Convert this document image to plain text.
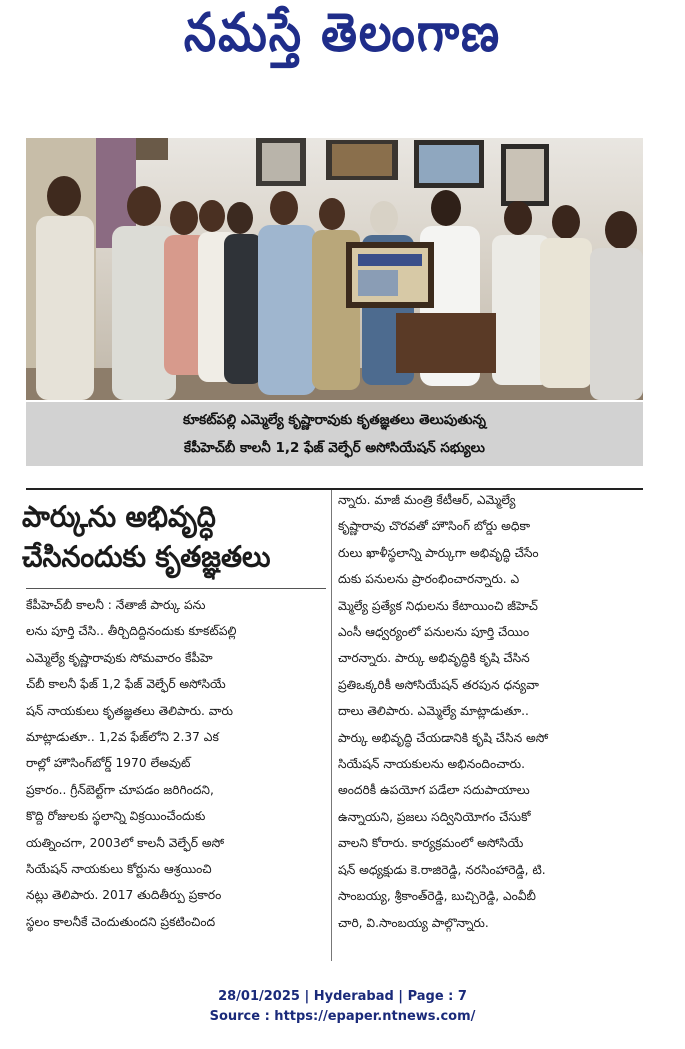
నమస్తే తెలంగాణ
కూకట్‌పల్లి ఎమ్మెల్యే కృష్ణారావుకు కృతజ్ఞతలు తెలుపుతున్న
కేపీహెచ్‌బీ కాలనీ 1,2 ఫేజ్ వెల్ఫేర్ అసోసియేషన్ సభ్యులు
పార్కును అభివృద్ధి
చేసినందుకు కృతజ్ఞతలు
కేపీహెచ్‌బీ కాలనీ : నేతాజీ పార్కు పను
లను పూర్తి చేసి.. తీర్చిదిద్దినందుకు కూకట్‌పల్లి
ఎమ్మెల్యే కృష్ణారావుకు సోమవారం కేపీహె
చ్‌బీ కాలనీ ఫేజ్ 1,2 ఫేజ్ వెల్ఫేర్ అసోసియే
షన్ నాయకులు కృతజ్ఞతలు తెలిపారు. వారు
మాట్లాడుతూ.. 1,2వ ఫేజ్‌లోని 2.37 ఎక
రాల్లో హౌసింగ్‌బోర్డ్ 1970 లేఅవుట్
ప్రకారం.. గ్రీన్‌బెల్ట్‌గా చూపడం జరిగిందని,
కొద్ది రోజులకు స్థలాన్ని విక్రయించేందుకు
యత్నించగా, 2003లో కాలనీ వెల్ఫేర్ అసో
సియేషన్ నాయకులు కోర్టును ఆశ్రయించి
నట్లు తెలిపారు. 2017 తుదితీర్పు ప్రకారం
స్థలం కాలనీకే చెందుతుందని ప్రకటించింద
న్నారు. మాజీ మంత్రి కేటీఆర్, ఎమ్మెల్యే
కృష్ణారావు చొరవతో హౌసింగ్ బోర్డు అధికా
రులు ఖాళీస్థలాన్ని పార్కుగా అభివృద్ధి చేసేం
దుకు పనులను ప్రారంభించారన్నారు. ఎ
మ్మెల్యే ప్రత్యేక నిధులను కేటాయించి జీహెచ్
ఎంసీ ఆధ్వర్యంలో పనులను పూర్తి చేయిం
చారన్నారు. పార్కు అభివృద్ధికి కృషి చేసిన
ప్రతిఒక్కరికీ అసోసియేషన్ తరపున ధన్యవా
దాలు తెలిపారు. ఎమ్మెల్యే మాట్లాడుతూ..
పార్కు అభివృద్ధి చేయడానికి కృషి చేసిన అసో
సియేషన్ నాయకులను అభినందించారు.
అందరికీ ఉపయోగ పడేలా సదుపాయాలు
ఉన్నాయని, ప్రజలు సద్వినియోగం చేసుకో
వాలని కోరారు. కార్యక్రమంలో అసోసియే
షన్ అధ్యక్షుడు కె.రాజిరెడ్డి, నరసింహారెడ్డి, టి.
సాంబయ్య, శ్రీకాంత్‌రెడ్డి, బుచ్చిరెడ్డి, ఎంవీబీ
చారి, వి.సాంబయ్య పాల్గొన్నారు.
28/01/2025 | Hyderabad | Page : 7
Source : https://epaper.ntnews.com/
